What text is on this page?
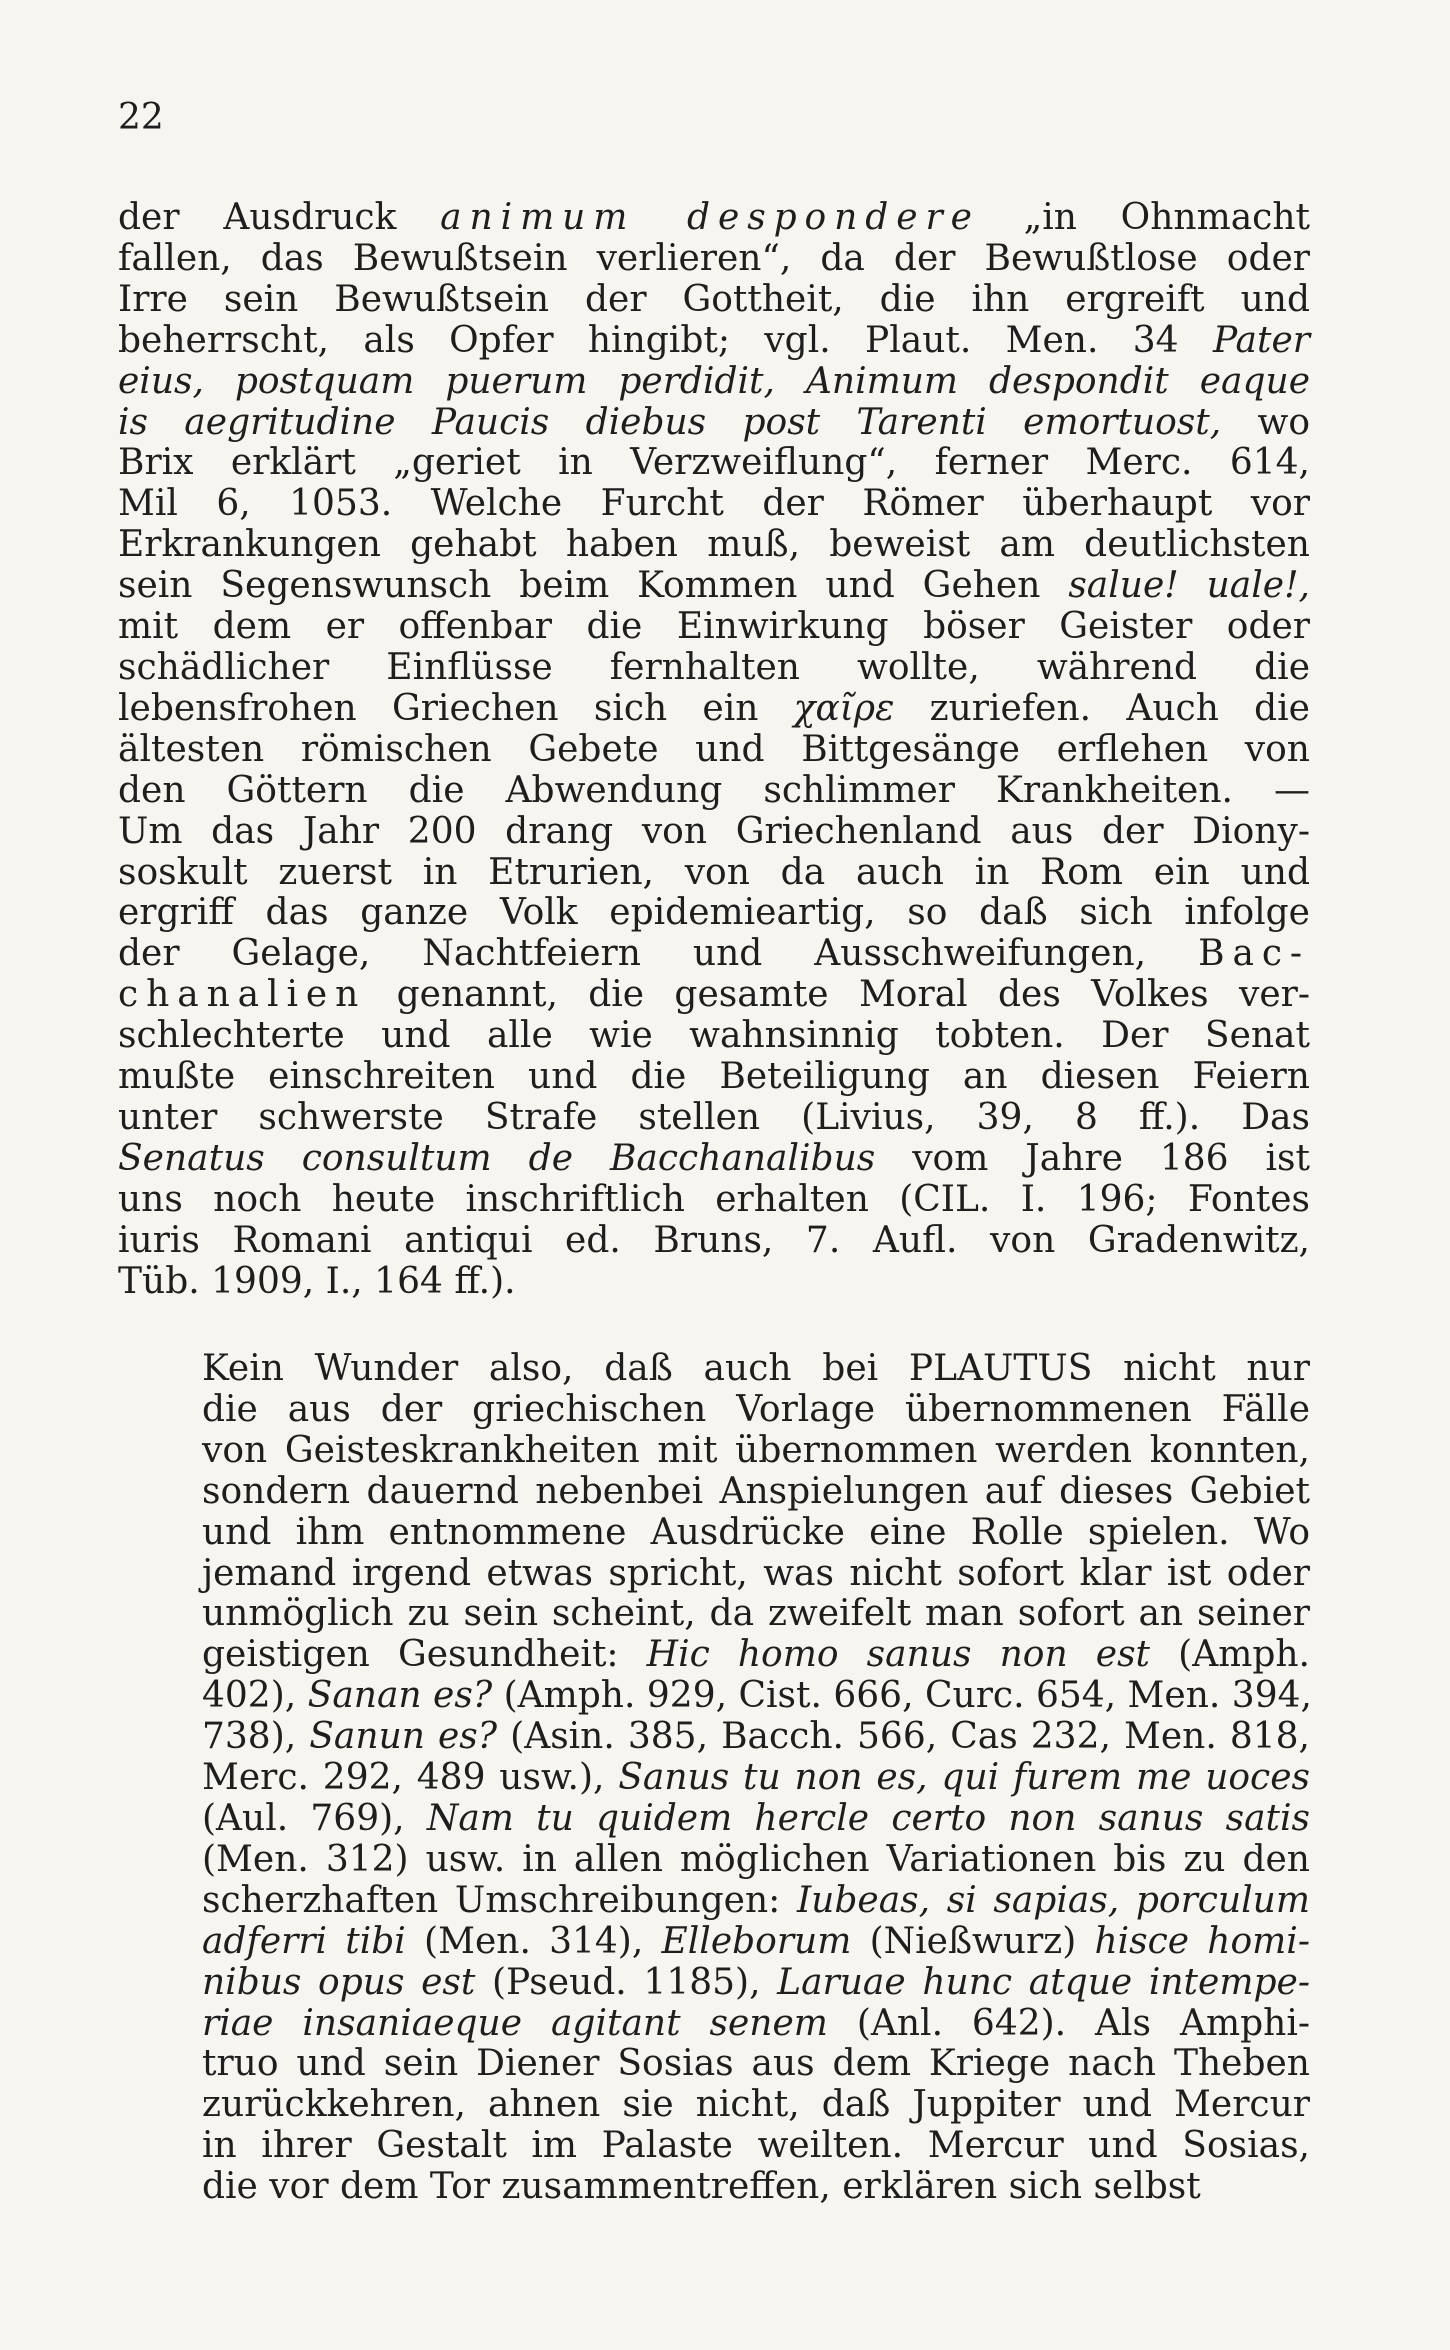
22
der Ausdruck animum despondere „in Ohnmacht
fallen, das Bewußtsein verlieren“, da der Bewußtlose oder
Irre sein Bewußtsein der Gottheit, die ihn ergreift und
beherrscht, als Opfer hingibt; vgl. Plaut. Men. 34 Pater
eius, postquam puerum perdidit, Animum despondit eaque
is aegritudine Paucis diebus post Tarenti emortuost, wo
Brix erklärt „geriet in Verzweiflung“, ferner Merc. 614,
Mil 6, 1053. Welche Furcht der Römer überhaupt vor
Erkrankungen gehabt haben muß, beweist am deutlichsten
sein Segenswunsch beim Kommen und Gehen salue! uale!,
mit dem er offenbar die Einwirkung böser Geister oder
schädlicher Einflüsse fernhalten wollte, während die
lebensfrohen Griechen sich ein χαῖρε zuriefen. Auch die
ältesten römischen Gebete und Bittgesänge erflehen von
den Göttern die Abwendung schlimmer Krankheiten. —
Um das Jahr 200 drang von Griechenland aus der Diony-
soskult zuerst in Etrurien, von da auch in Rom ein und
ergriff das ganze Volk epidemieartig, so daß sich infolge
der Gelage, Nachtfeiern und Ausschweifungen, Bac-
chanalien genannt, die gesamte Moral des Volkes ver-
schlechterte und alle wie wahnsinnig tobten. Der Senat
mußte einschreiten und die Beteiligung an diesen Feiern
unter schwerste Strafe stellen (Livius, 39, 8 ff.). Das
Senatus consultum de Bacchanalibus vom Jahre 186 ist
uns noch heute inschriftlich erhalten (CIL. I. 196; Fontes
iuris Romani antiqui ed. Bruns, 7. Aufl. von Gradenwitz,
Tüb. 1909, I., 164 ff.).
Kein Wunder also, daß auch bei PLAUTUS nicht nur
die aus der griechischen Vorlage übernommenen Fälle
von Geisteskrankheiten mit übernommen werden konnten,
sondern dauernd nebenbei Anspielungen auf dieses Gebiet
und ihm entnommene Ausdrücke eine Rolle spielen. Wo
jemand irgend etwas spricht, was nicht sofort klar ist oder
unmöglich zu sein scheint, da zweifelt man sofort an seiner
geistigen Gesundheit: Hic homo sanus non est (Amph.
402), Sanan es? (Amph. 929, Cist. 666, Curc. 654, Men. 394,
738), Sanun es? (Asin. 385, Bacch. 566, Cas 232, Men. 818,
Merc. 292, 489 usw.), Sanus tu non es, qui furem me uoces
(Aul. 769), Nam tu quidem hercle certo non sanus satis
(Men. 312) usw. in allen möglichen Variationen bis zu den
scherzhaften Umschreibungen: Iubeas, si sapias, porculum
adferri tibi (Men. 314), Elleborum (Nießwurz) hisce homi-
nibus opus est (Pseud. 1185), Laruae hunc atque intempe-
riae insaniaeque agitant senem (Anl. 642). Als Amphi-
truo und sein Diener Sosias aus dem Kriege nach Theben
zurückkehren, ahnen sie nicht, daß Juppiter und Mercur
in ihrer Gestalt im Palaste weilten. Mercur und Sosias,
die vor dem Tor zusammentreffen, erklären sich selbst
